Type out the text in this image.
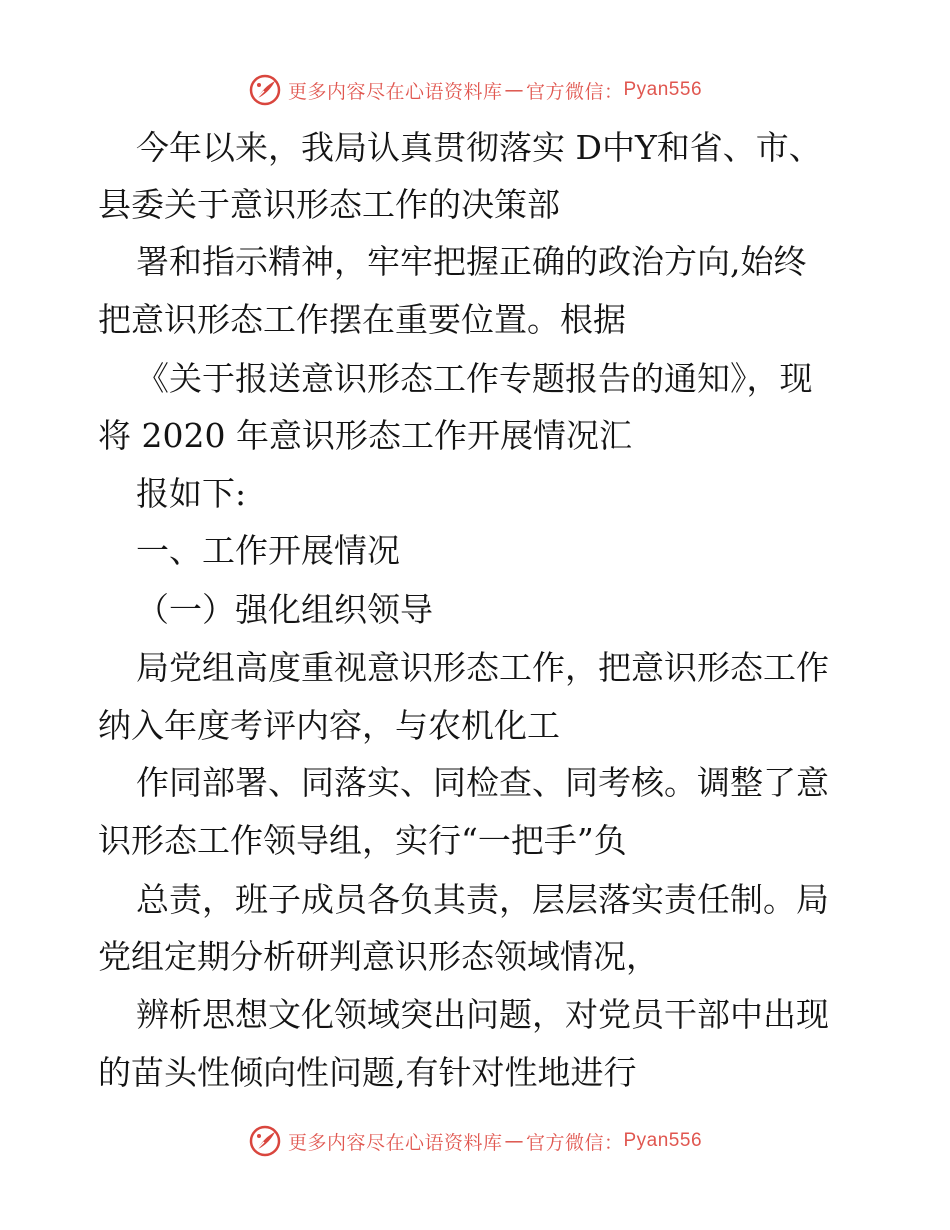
更多内容尽在心语资料库 — 官方微信： Pyan556
今年以来，我局认真贯彻落实 D中Y和省、市、
县委关于意识形态工作的决策部
署和指示精神，牢牢把握正确的政治方向,始终
把意识形态工作摆在重要位置。根据
《关于报送意识形态工作专题报告的通知》，现
将 2020 年意识形态工作开展情况汇
报如下:
一、工作开展情况
（一）强化组织领导
局党组高度重视意识形态工作，把意识形态工作
纳入年度考评内容，与农机化工
作同部署、同落实、同检查、同考核。调整了意
识形态工作领导组，实行“一把手”负
总责，班子成员各负其责，层层落实责任制。局
党组定期分析研判意识形态领域情况，
辨析思想文化领域突出问题，对党员干部中出现
的苗头性倾向性问题,有针对性地进行
更多内容尽在心语资料库 — 官方微信： Pyan556
